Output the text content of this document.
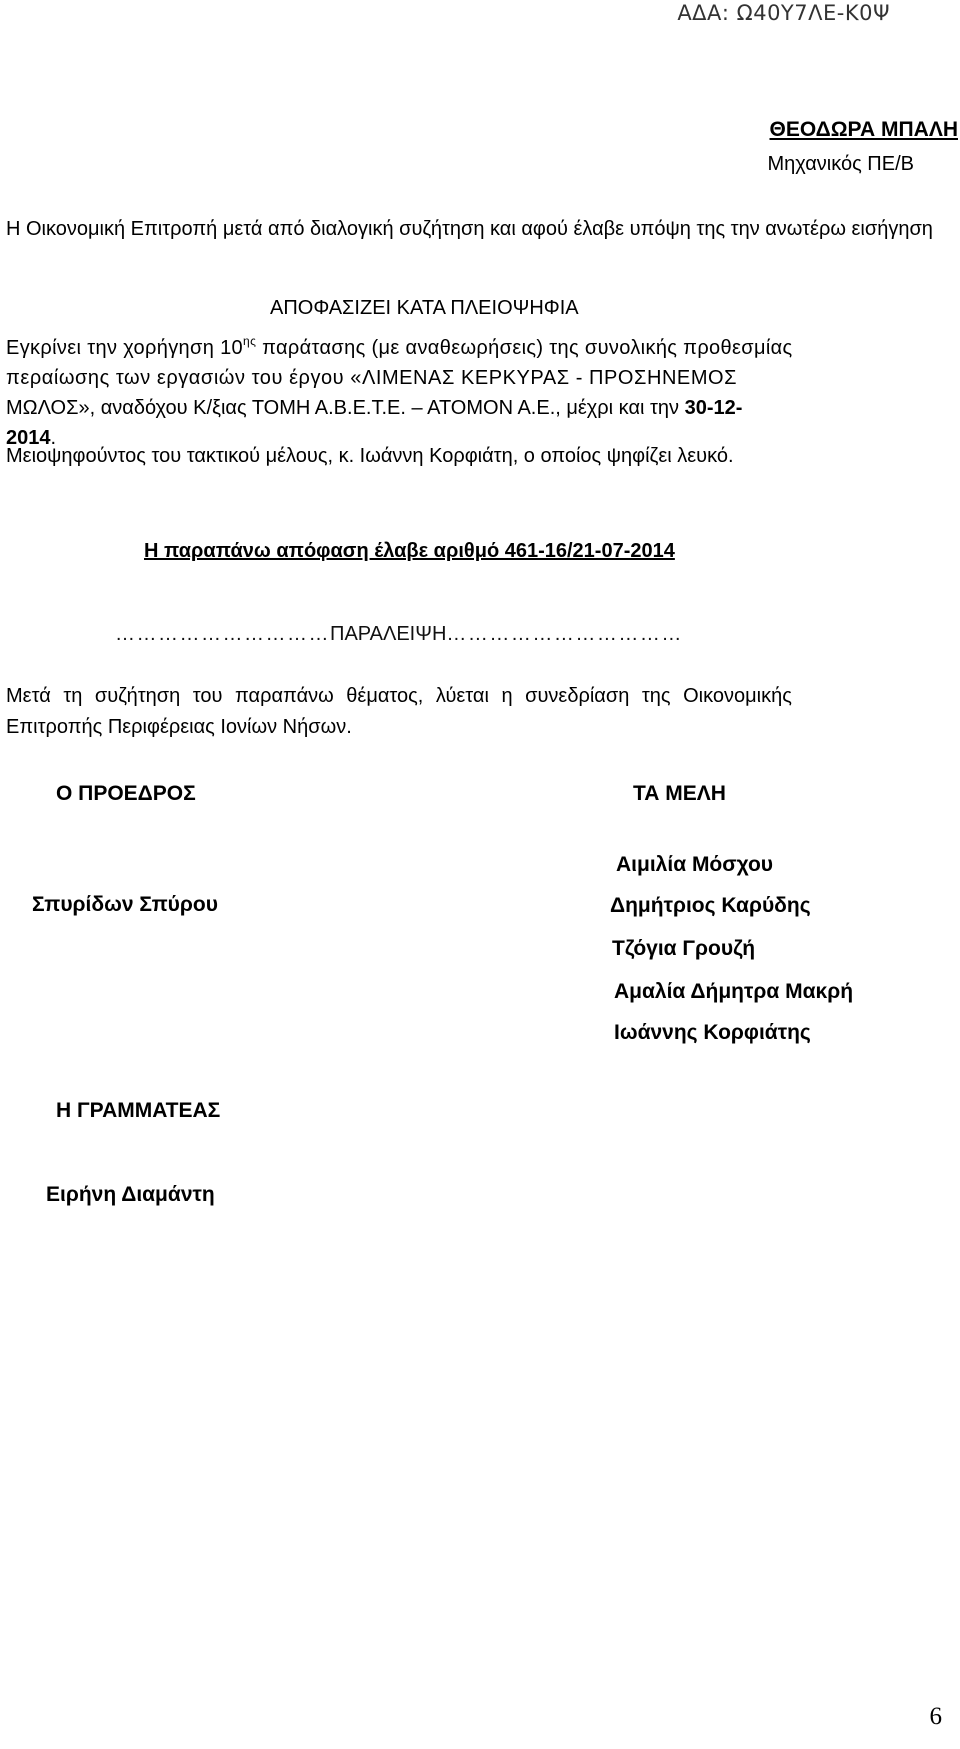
ΑΔΑ: Ω40Υ7ΛΕ-Κ0Ψ
ΘΕΟΔΩΡΑ ΜΠΑΛΗ
Μηχανικός ΠΕ/Β
Η Οικονομική Επιτροπή μετά από διαλογική συζήτηση και αφού έλαβε υπόψη της την ανωτέρω εισήγηση
ΑΠΟΦΑΣΙΖΕΙ ΚΑΤΑ ΠΛΕΙΟΨΗΦΙΑ
Εγκρίνει την χορήγηση $10^{\eta\varsigma}$ παράτασης (με αναθεωρήσεις) της συνολικής προθεσμίας
περαίωσης των εργασιών του έργου «ΛΙΜΕΝΑΣ ΚΕΡΚΥΡΑΣ - ΠΡΟΣΗΝΕΜΟΣ
ΜΩΛΟΣ», αναδόχου Κ/ξιας ΤΟΜΗ Α.Β.Ε.Τ.Ε. – ΑΤΟΜΟΝ Α.Ε., μέχρι και την 30-12-
2014.
Μειοψηφούντος του τακτικού μέλους, κ. Ιωάννη Κορφιάτη, ο οποίος ψηφίζει λευκό.
Η παραπάνω απόφαση έλαβε αριθμό 461-16/21-07-2014
…………………………ΠΑΡΑΛΕΙΨΗ……………………………
Μετά τη συζήτηση του παραπάνω θέματος, λύεται η συνεδρίαση της Οικονομικής
Επιτροπής Περιφέρειας Ιονίων Νήσων.
Ο ΠΡΟΕΔΡΟΣ	ΤΑ ΜΕΛΗ
Σπυρίδων Σπύρου
Αιμιλία Μόσχου
Δημήτριος Καρύδης
Τζόγια Γρουζή
Αμαλία Δήμητρα Μακρή
Ιωάννης Κορφιάτης
Η ΓΡΑΜΜΑΤΕΑΣ
Ειρήνη Διαμάντη
6
